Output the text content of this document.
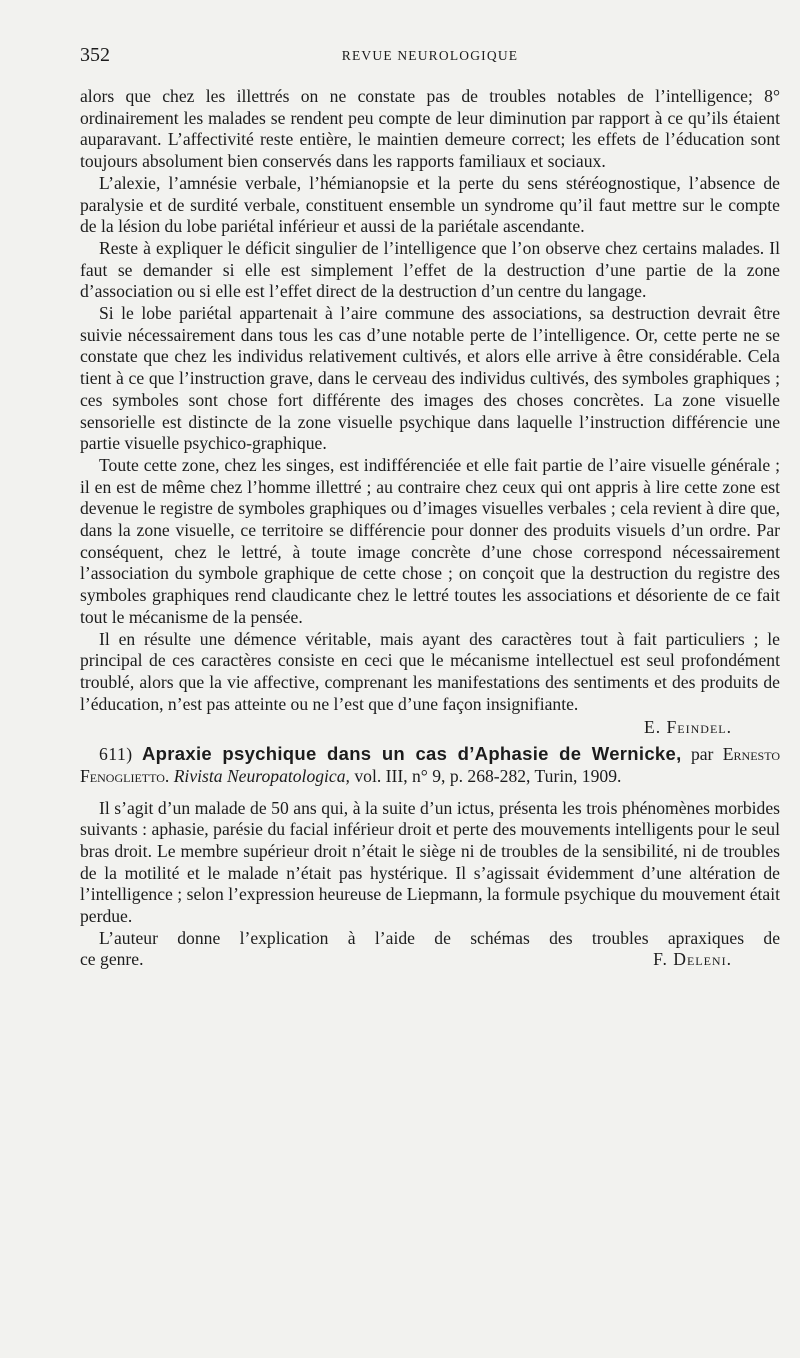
352	REVUE NEUROLOGIQUE

alors que chez les illettrés on ne constate pas de troubles notables de l’intelligence; 8° ordinairement les malades se rendent peu compte de leur diminution par rapport à ce qu’ils étaient auparavant. L’affectivité reste entière, le maintien demeure correct; les effets de l’éducation sont toujours absolument bien conservés dans les rapports familiaux et sociaux.

L’alexie, l’amnésie verbale, l’hémianopsie et la perte du sens stéréognostique, l’absence de paralysie et de surdité verbale, constituent ensemble un syndrome qu’il faut mettre sur le compte de la lésion du lobe pariétal inférieur et aussi de la pariétale ascendante.

Reste à expliquer le déficit singulier de l’intelligence que l’on observe chez certains malades. Il faut se demander si elle est simplement l’effet de la destruction d’une partie de la zone d’association ou si elle est l’effet direct de la destruction d’un centre du langage.

Si le lobe pariétal appartenait à l’aire commune des associations, sa destruction devrait être suivie nécessairement dans tous les cas d’une notable perte de l’intelligence. Or, cette perte ne se constate que chez les individus relativement cultivés, et alors elle arrive à être considérable. Cela tient à ce que l’instruction grave, dans le cerveau des individus cultivés, des symboles graphiques ; ces symboles sont chose fort différente des images des choses concrètes. La zone visuelle sensorielle est distincte de la zone visuelle psychique dans laquelle l’instruction différencie une partie visuelle psychico-graphique.

Toute cette zone, chez les singes, est indifférenciée et elle fait partie de l’aire visuelle générale ; il en est de même chez l’homme illettré ; au contraire chez ceux qui ont appris à lire cette zone est devenue le registre de symboles graphiques ou d’images visuelles verbales ; cela revient à dire que, dans la zone visuelle, ce territoire se différencie pour donner des produits visuels d’un ordre. Par conséquent, chez le lettré, à toute image concrète d’une chose correspond nécessairement l’association du symbole graphique de cette chose ; on conçoit que la destruction du registre des symboles graphiques rend claudicante chez le lettré toutes les associations et désoriente de ce fait tout le mécanisme de la pensée.

Il en résulte une démence véritable, mais ayant des caractères tout à fait particuliers ; le principal de ces caractères consiste en ceci que le mécanisme intellectuel est seul profondément troublé, alors que la vie affective, comprenant les manifestations des sentiments et des produits de l’éducation, n’est pas atteinte ou ne l’est que d’une façon insignifiante.

E. Feindel.

611) Apraxie psychique dans un cas d’Aphasie de Wernicke, par Ernesto Fenoglietto. Rivista Neuropatologica, vol. III, n° 9, p. 268-282, Turin, 1909.

Il s’agit d’un malade de 50 ans qui, à la suite d’un ictus, présenta les trois phénomènes morbides suivants : aphasie, parésie du facial inférieur droit et perte des mouvements intelligents pour le seul bras droit. Le membre supérieur droit n’était le siège ni de troubles de la sensibilité, ni de troubles de la motilité et le malade n’était pas hystérique. Il s’agissait évidemment d’une altération de l’intelligence ; selon l’expression heureuse de Liepmann, la formule psychique du mouvement était perdue.

L’auteur donne l’explication à l’aide de schémas des troubles apraxiques de

ce genre.	F. Deleni.
